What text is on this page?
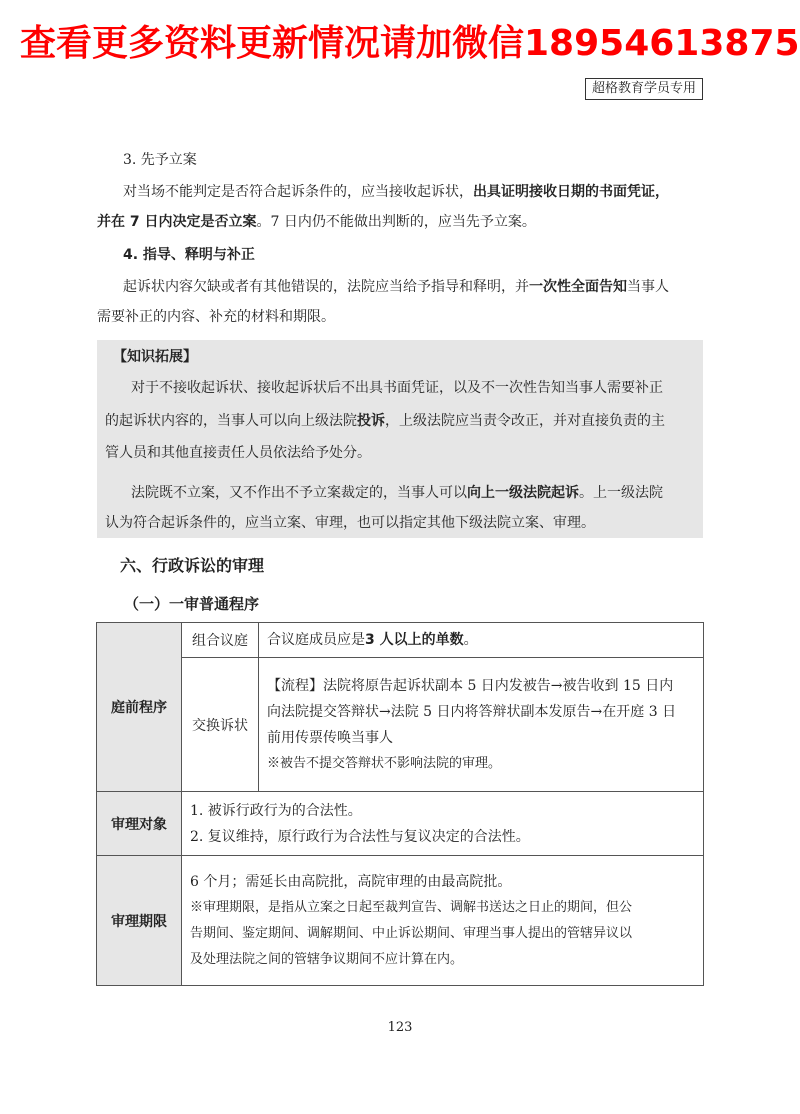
查看更多资料更新情况请加微信18954613875
超格教育学员专用
3. 先予立案
对当场不能判定是否符合起诉条件的，应当接收起诉状，出具证明接收日期的书面凭证，
并在 7 日内决定是否立案。7 日内仍不能做出判断的，应当先予立案。
4. 指导、释明与补正
起诉状内容欠缺或者有其他错误的，法院应当给予指导和释明，并一次性全面告知当事人
需要补正的内容、补充的材料和期限。
【知识拓展】
对于不接收起诉状、接收起诉状后不出具书面凭证，以及不一次性告知当事人需要补正
的起诉状内容的，当事人可以向上级法院投诉，上级法院应当责令改正，并对直接负责的主
管人员和其他直接责任人员依法给予处分。
法院既不立案，又不作出不予立案裁定的，当事人可以向上一级法院起诉。上一级法院
认为符合起诉条件的，应当立案、审理，也可以指定其他下级法院立案、审理。
六、行政诉讼的审理
（一）一审普通程序
庭前程序	组合议庭	合议庭成员应是3 人以上的单数。

	交换诉状	【流程】法院将原告起诉状副本 5 日内发被告→被告收到 15 日内
向法院提交答辩状→法院 5 日内将答辩状副本发原告→在开庭 3 日
前用传票传唤当事人
※被告不提交答辩状不影响法院的审理。

审理对象	1. 被诉行政行为的合法性。
2. 复议维持，原行政行为合法性与复议决定的合法性。	

审理期限	6 个月；需延长由高院批，高院审理的由最高院批。
※审理期限，是指从立案之日起至裁判宣告、调解书送达之日止的期间，但公
告期间、鉴定期间、调解期间、中止诉讼期间、审理当事人提出的管辖异议以
及处理法院之间的管辖争议期间不应计算在内。	
123
